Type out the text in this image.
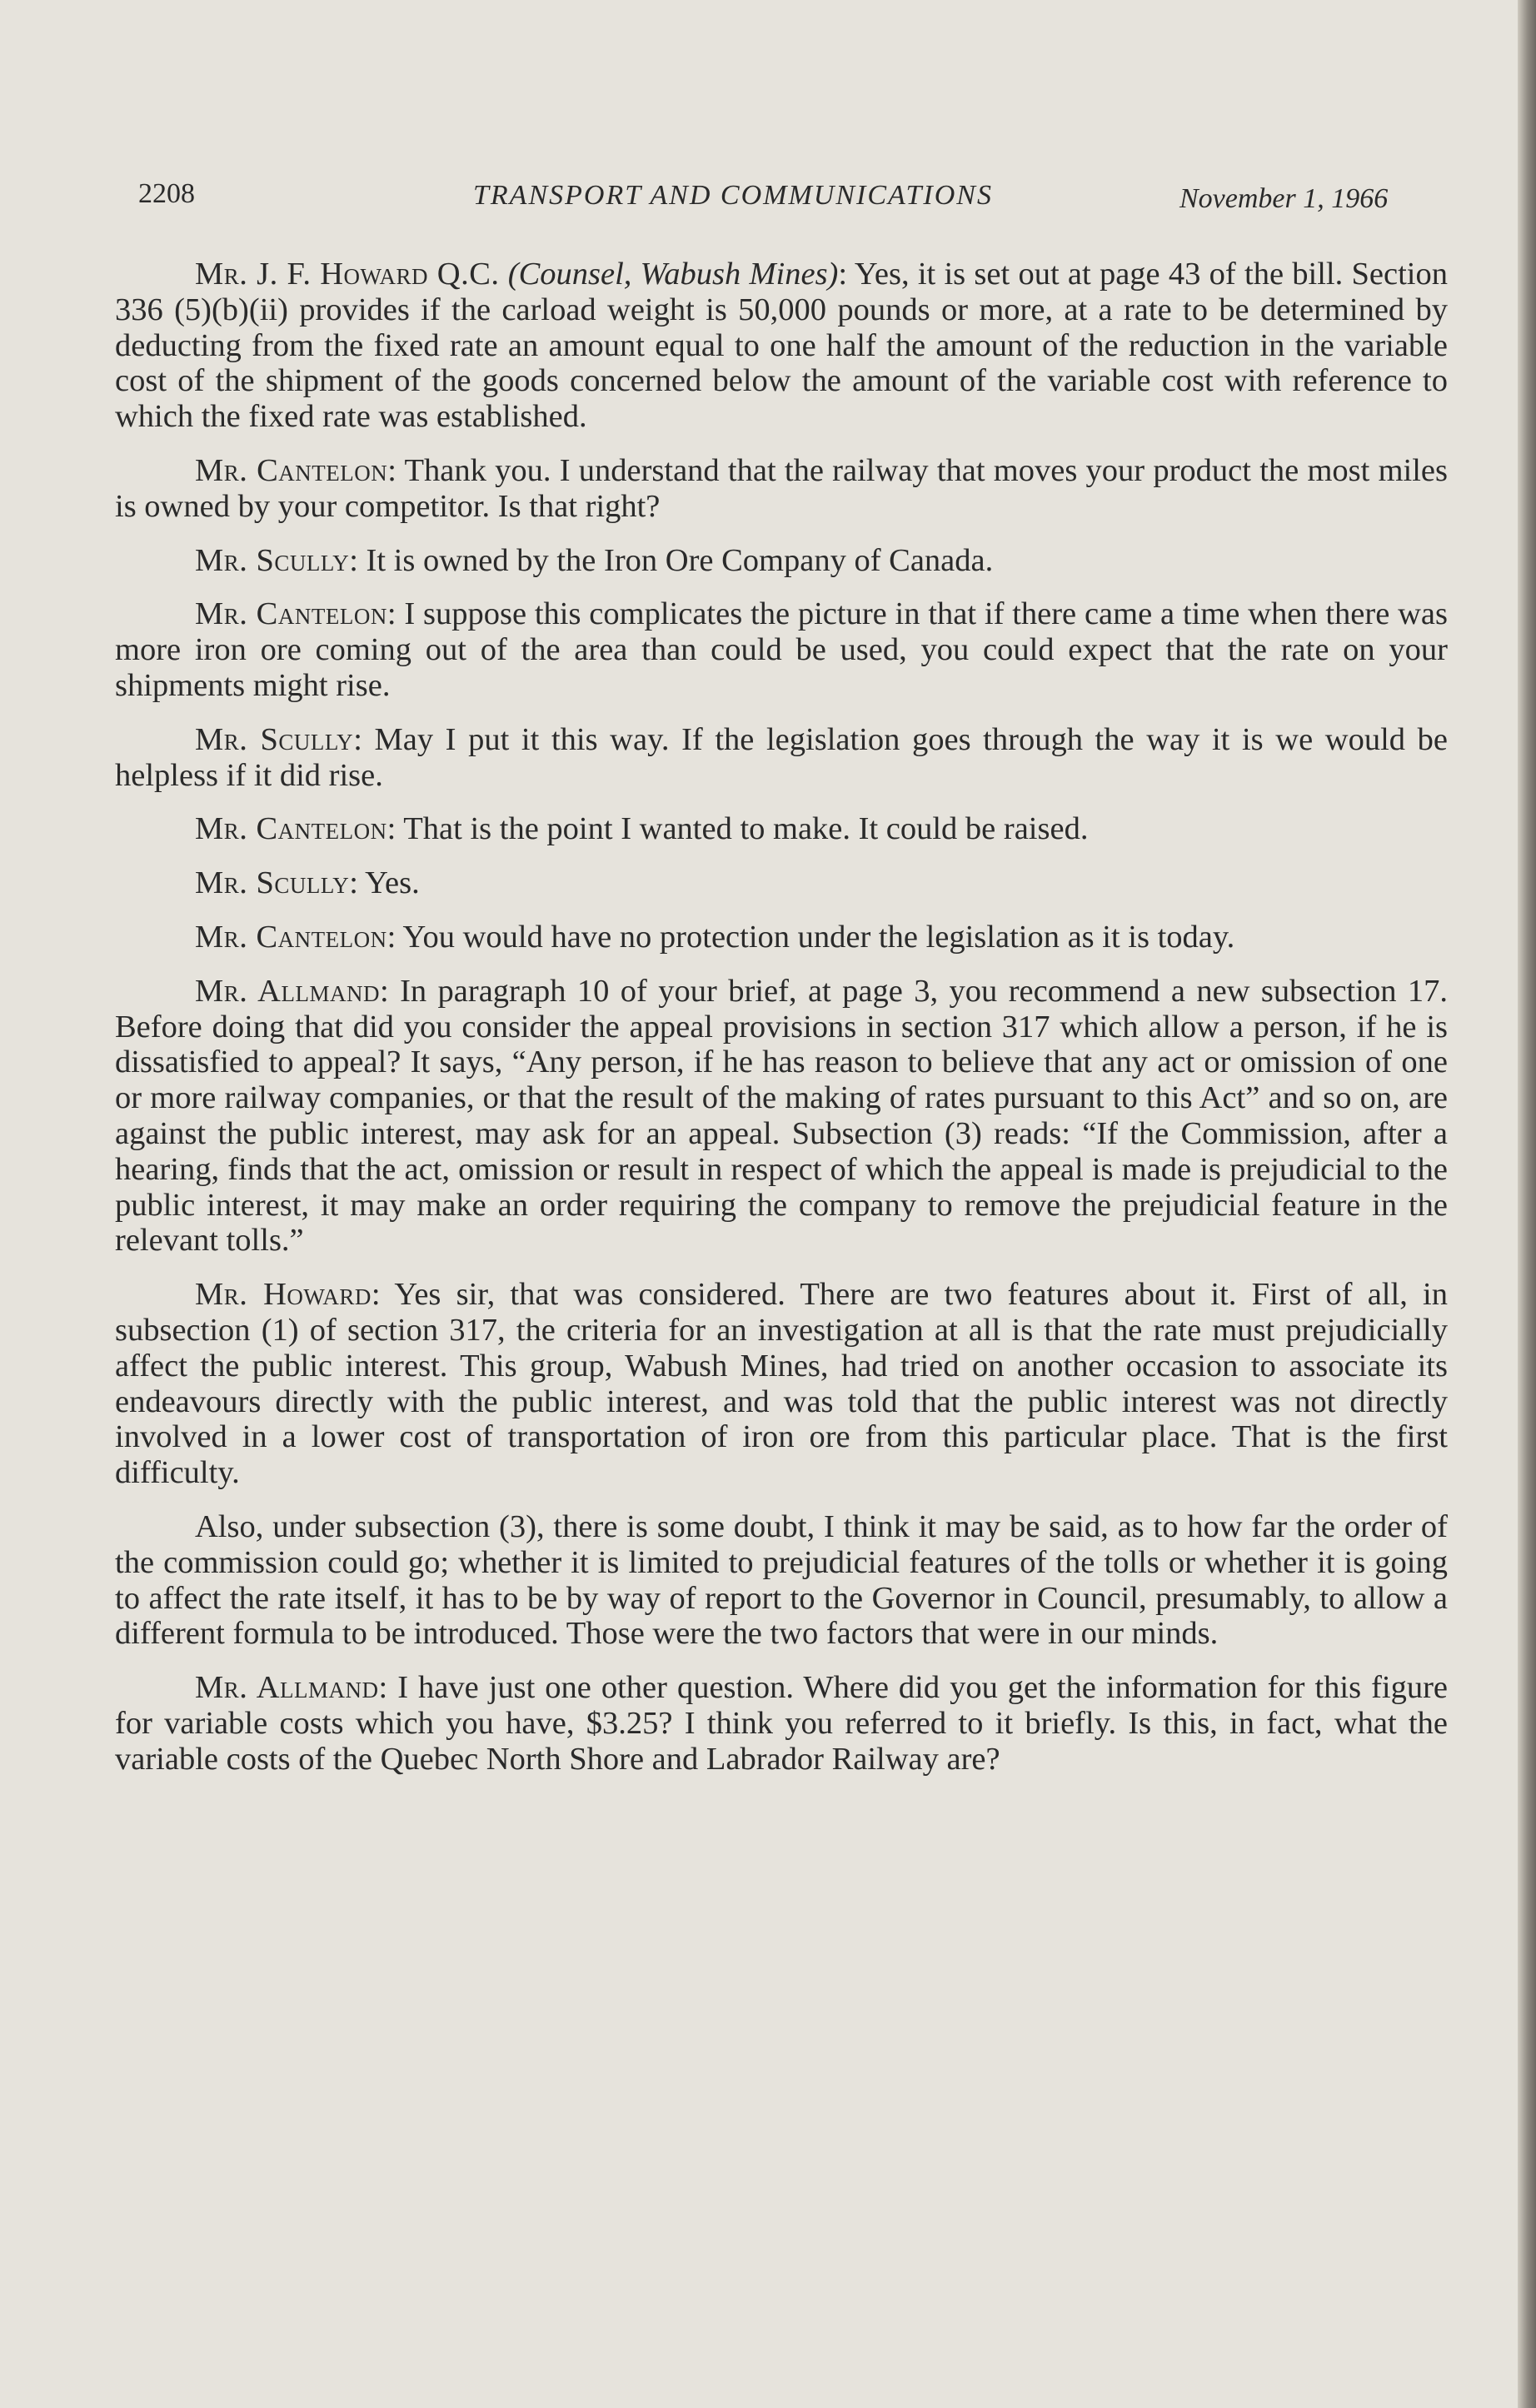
2208	TRANSPORT AND COMMUNICATIONS	November 1, 1966

Mr. J. F. Howard Q.C. (Counsel, Wabush Mines): Yes, it is set out at page 43 of the bill. Section 336 (5)(b)(ii) provides if the carload weight is 50,000 pounds or more, at a rate to be determined by deducting from the fixed rate an amount equal to one half the amount of the reduction in the variable cost of the shipment of the goods concerned below the amount of the variable cost with reference to which the fixed rate was established.

Mr. Cantelon: Thank you. I understand that the railway that moves your product the most miles is owned by your competitor. Is that right?

Mr. Scully: It is owned by the Iron Ore Company of Canada.

Mr. Cantelon: I suppose this complicates the picture in that if there came a time when there was more iron ore coming out of the area than could be used, you could expect that the rate on your shipments might rise.

Mr. Scully: May I put it this way. If the legislation goes through the way it is we would be helpless if it did rise.

Mr. Cantelon: That is the point I wanted to make. It could be raised.

Mr. Scully: Yes.

Mr. Cantelon: You would have no protection under the legislation as it is today.

Mr. Allmand: In paragraph 10 of your brief, at page 3, you recommend a new subsection 17. Before doing that did you consider the appeal provisions in section 317 which allow a person, if he is dissatisfied to appeal? It says, “Any person, if he has reason to believe that any act or omission of one or more railway companies, or that the result of the making of rates pursuant to this Act” and so on, are against the public interest, may ask for an appeal. Subsection (3) reads: “If the Commission, after a hearing, finds that the act, omission or result in respect of which the appeal is made is prejudicial to the public interest, it may make an order requiring the company to remove the prejudicial feature in the relevant tolls.”

Mr. Howard: Yes sir, that was considered. There are two features about it. First of all, in subsection (1) of section 317, the criteria for an investigation at all is that the rate must prejudicially affect the public interest. This group, Wabush Mines, had tried on another occasion to associate its endeavours directly with the public interest, and was told that the public interest was not directly involved in a lower cost of transportation of iron ore from this particular place. That is the first difficulty.

Also, under subsection (3), there is some doubt, I think it may be said, as to how far the order of the commission could go; whether it is limited to prejudicial features of the tolls or whether it is going to affect the rate itself, it has to be by way of report to the Governor in Council, presumably, to allow a different formula to be introduced. Those were the two factors that were in our minds.

Mr. Allmand: I have just one other question. Where did you get the information for this figure for variable costs which you have, $3.25? I think you referred to it briefly. Is this, in fact, what the variable costs of the Quebec North Shore and Labrador Railway are?
